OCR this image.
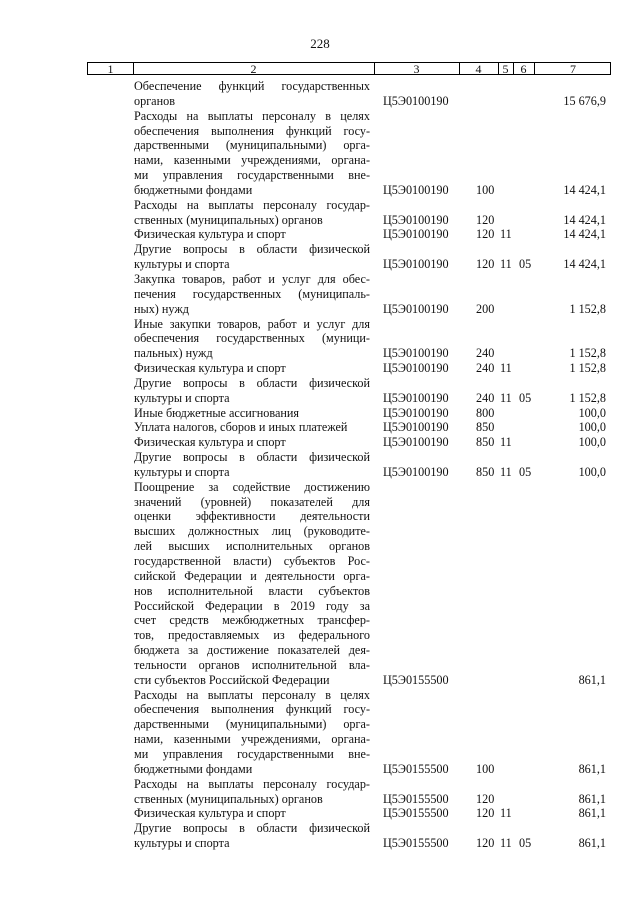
228
1	2	3	4	5	6	7
Обеспечение функций государственных
органов	Ц5Э0100190	15 676,9
Расходы на выплаты персоналу в целях
обеспечения выполнения функций госу-
дарственными (муниципальными) орга-
нами, казенными учреждениями, органа-
ми управления государственными вне-
бюджетными фондами	Ц5Э0100190 100	14 424,1
Расходы на выплаты персоналу государ-
ственных (муниципальных) органов	Ц5Э0100190 120	14 424,1
Физическая культура и спорт	Ц5Э0100190 120 11	14 424,1
Другие вопросы в области физической
культуры и спорта	Ц5Э0100190 120 11 05	14 424,1
Закупка товаров, работ и услуг для обес-
печения государственных (муниципаль-
ных) нужд	Ц5Э0100190 200	1 152,8
Иные закупки товаров, работ и услуг для
обеспечения государственных (муници-
пальных) нужд	Ц5Э0100190 240	1 152,8
Физическая культура и спорт	Ц5Э0100190 240 11	1 152,8
Другие вопросы в области физической
культуры и спорта	Ц5Э0100190 240 11 05	1 152,8
Иные бюджетные ассигнования	Ц5Э0100190 800	100,0
Уплата налогов, сборов и иных платежей	Ц5Э0100190 850	100,0
Физическая культура и спорт	Ц5Э0100190 850 11	100,0
Другие вопросы в области физической
культуры и спорта	Ц5Э0100190 850 11 05	100,0
Поощрение за содействие достижению
значений (уровней) показателей для
оценки эффективности деятельности
высших должностных лиц (руководите-
лей высших исполнительных органов
государственной власти) субъектов Рос-
сийской Федерации и деятельности орга-
нов исполнительной власти субъектов
Российской Федерации в 2019 году за
счет средств межбюджетных трансфер-
тов, предоставляемых из федерального
бюджета за достижение показателей дея-
тельности органов исполнительной вла-
сти субъектов Российской Федерации	Ц5Э0155500	861,1
Расходы на выплаты персоналу в целях
обеспечения выполнения функций госу-
дарственными (муниципальными) орга-
нами, казенными учреждениями, органа-
ми управления государственными вне-
бюджетными фондами	Ц5Э0155500 100	861,1
Расходы на выплаты персоналу государ-
ственных (муниципальных) органов	Ц5Э0155500 120	861,1
Физическая культура и спорт	Ц5Э0155500 120 11	861,1
Другие вопросы в области физической
культуры и спорта	Ц5Э0155500 120 11 05	861,1
